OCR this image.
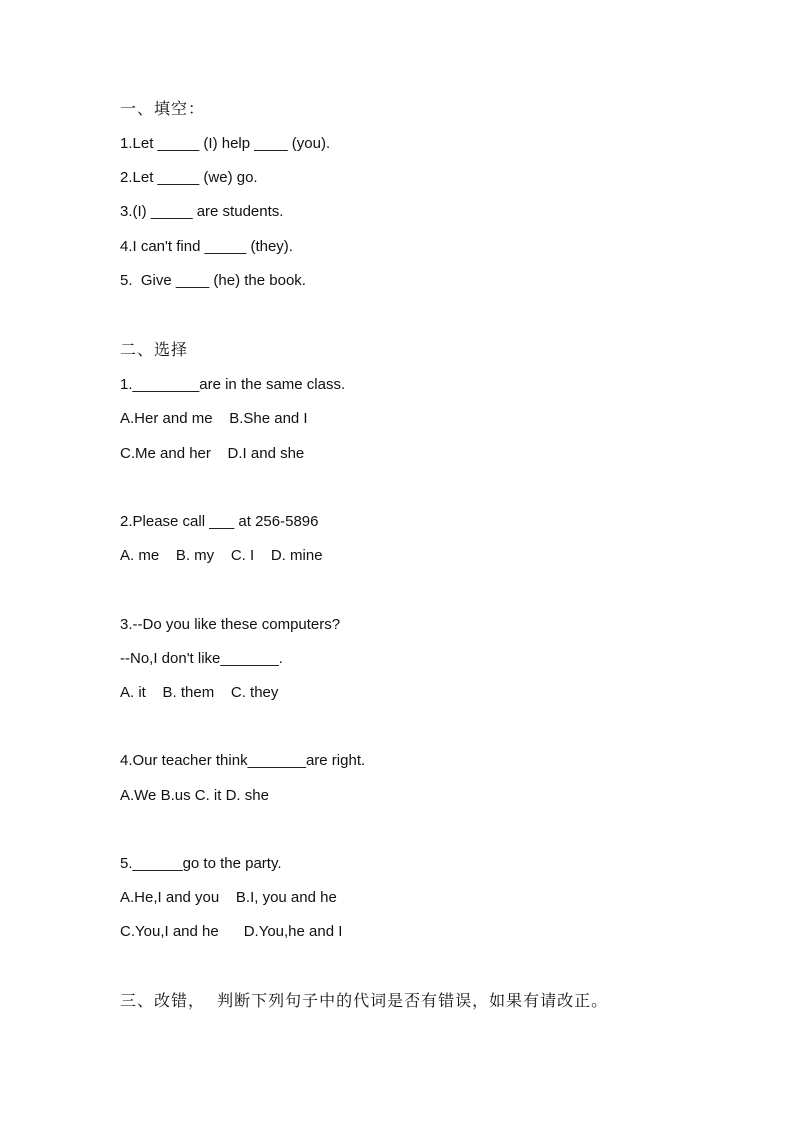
一、填空：
1.Let _____ (I) help ____ (you).
2.Let _____ (we) go.
3.(I) _____ are students.
4.I can't find _____ (they).
5.  Give ____ (he) the book.
二、选择
1.________are in the same class.
A.Her and me    B.She and I
C.Me and her    D.I and she
2.Please call ___ at 256-5896
A. me    B. my    C. I    D. mine
3.--Do you like these computers?
--No,I don't like_______.
A. it    B. them    C. they
4.Our teacher think_______are right.
A.We B.us C. it D. she
5.______go to the party.
A.He,I and you    B.I, you and he
C.You,I and he      D.You,he and I
三、改错，  判断下列句子中的代词是否有错误，如果有请改正。
